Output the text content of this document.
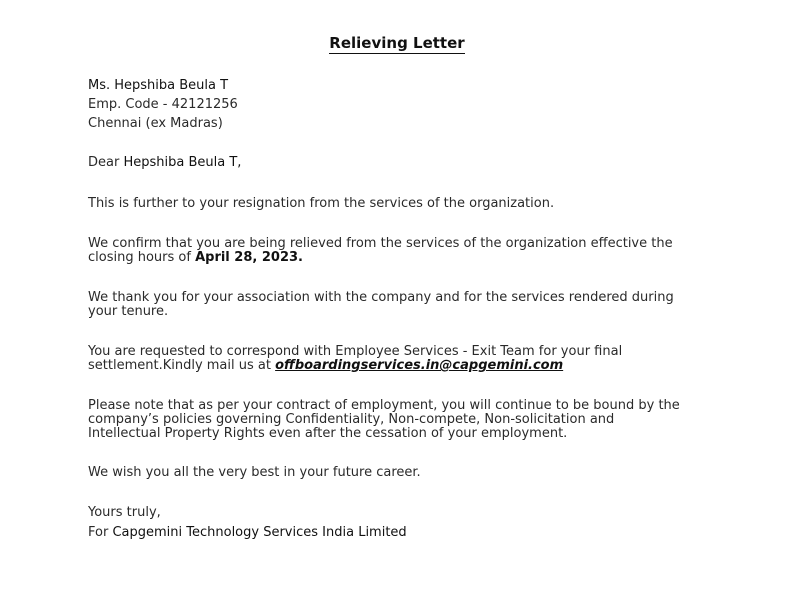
Relieving Letter
Ms. Hepshiba Beula T
Emp. Code - 42121256
Chennai (ex Madras)
Dear Hepshiba Beula T,
This is further to your resignation from the services of the organization.
We confirm that you are being relieved from the services of the organization effective the
closing hours of April 28, 2023.
We thank you for your association with the company and for the services rendered during
your tenure.
You are requested to correspond with Employee Services - Exit Team for your final
settlement.Kindly mail us at offboardingservices.in@capgemini.com
Please note that as per your contract of employment, you will continue to be bound by the
company’s policies governing Confidentiality, Non-compete, Non-solicitation and
Intellectual Property Rights even after the cessation of your employment.
We wish you all the very best in your future career.
Yours truly,
For Capgemini Technology Services India Limited
